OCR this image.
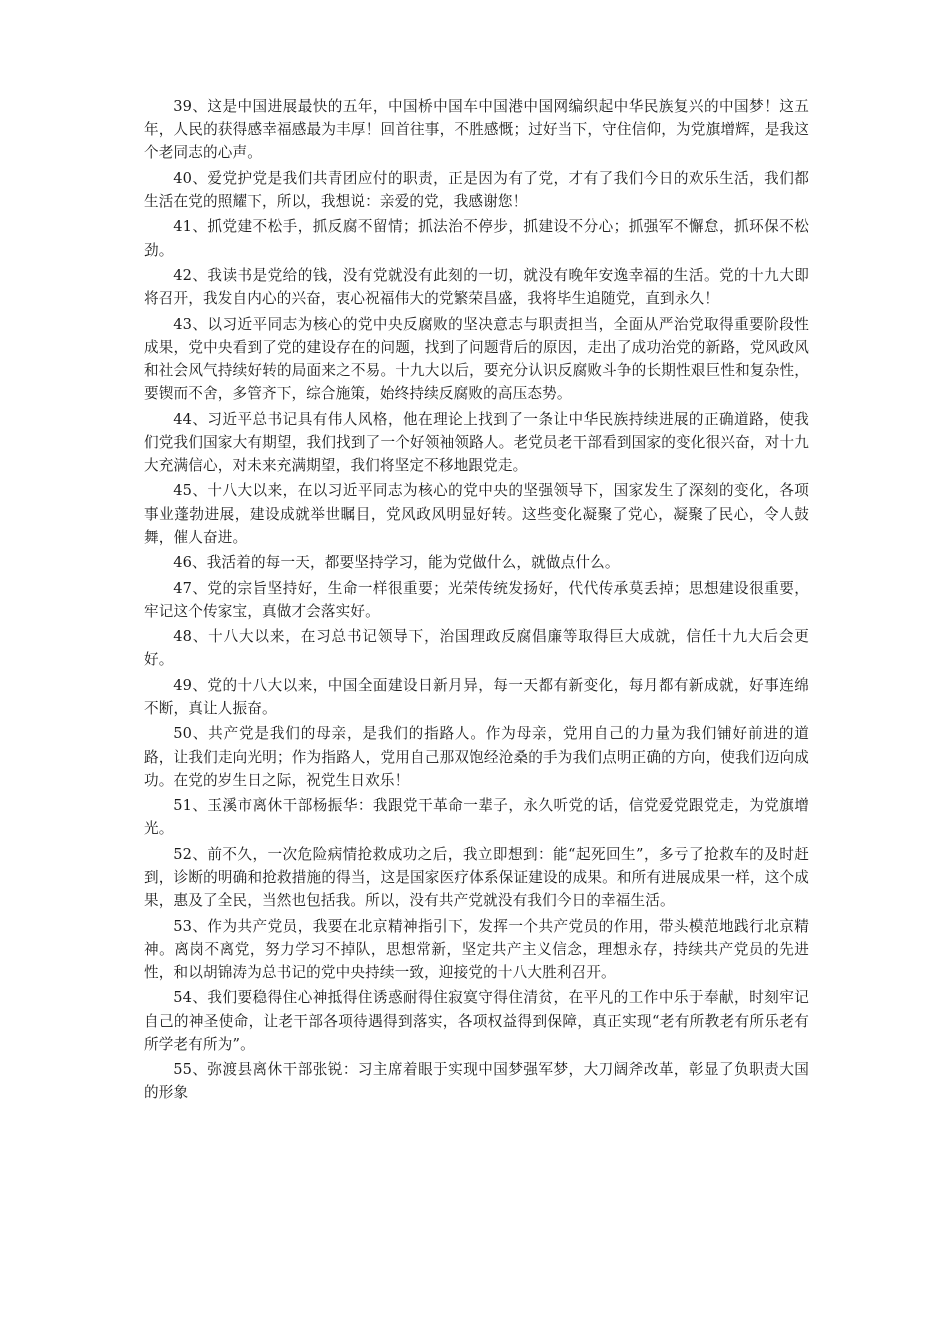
39、这是中国进展最快的五年，中国桥中国车中国港中国网编织起中华民族复兴的中国梦！这五年，人民的获得感幸福感最为丰厚！回首往事，不胜感慨；过好当下，守住信仰，为党旗增辉，是我这个老同志的心声。

40、爱党护党是我们共青团应付的职责，正是因为有了党，才有了我们今日的欢乐生活，我们都生活在党的照耀下，所以，我想说：亲爱的党，我感谢您！

41、抓党建不松手，抓反腐不留情；抓法治不停步，抓建设不分心；抓强军不懈怠，抓环保不松劲。

42、我读书是党给的钱，没有党就没有此刻的一切，就没有晚年安逸幸福的生活。党的十九大即将召开，我发自内心的兴奋，衷心祝福伟大的党繁荣昌盛，我将毕生追随党，直到永久！

43、以习近平同志为核心的党中央反腐败的坚决意志与职责担当，全面从严治党取得重要阶段性成果，党中央看到了党的建设存在的问题，找到了问题背后的原因，走出了成功治党的新路，党风政风和社会风气持续好转的局面来之不易。十九大以后，要充分认识反腐败斗争的长期性艰巨性和复杂性，要锲而不舍，多管齐下，综合施策，始终持续反腐败的高压态势。

44、习近平总书记具有伟人风格，他在理论上找到了一条让中华民族持续进展的正确道路，使我们党我们国家大有期望，我们找到了一个好领袖领路人。老党员老干部看到国家的变化很兴奋，对十九大充满信心，对未来充满期望，我们将坚定不移地跟党走。

45、十八大以来，在以习近平同志为核心的党中央的坚强领导下，国家发生了深刻的变化，各项事业蓬勃进展，建设成就举世瞩目，党风政风明显好转。这些变化凝聚了党心，凝聚了民心，令人鼓舞，催人奋进。

46、我活着的每一天，都要坚持学习，能为党做什么，就做点什么。

47、党的宗旨坚持好，生命一样很重要；光荣传统发扬好，代代传承莫丢掉；思想建设很重要，牢记这个传家宝，真做才会落实好。

48、十八大以来，在习总书记领导下，治国理政反腐倡廉等取得巨大成就，信任十九大后会更好。

49、党的十八大以来，中国全面建设日新月异，每一天都有新变化，每月都有新成就，好事连绵不断，真让人振奋。

50、共产党是我们的母亲，是我们的指路人。作为母亲，党用自己的力量为我们铺好前进的道路，让我们走向光明；作为指路人，党用自己那双饱经沧桑的手为我们点明正确的方向，使我们迈向成功。在党的岁生日之际，祝党生日欢乐！

51、玉溪市离休干部杨振华：我跟党干革命一辈子，永久听党的话，信党爱党跟党走，为党旗增光。

52、前不久，一次危险病情抢救成功之后，我立即想到：能“起死回生”，多亏了抢救车的及时赶到，诊断的明确和抢救措施的得当，这是国家医疗体系保证建设的成果。和所有进展成果一样，这个成果，惠及了全民，当然也包括我。所以，没有共产党就没有我们今日的幸福生活。

53、作为共产党员，我要在北京精神指引下，发挥一个共产党员的作用，带头模范地践行北京精神。离岗不离党，努力学习不掉队，思想常新，坚定共产主义信念，理想永存，持续共产党员的先进性，和以胡锦涛为总书记的党中央持续一致，迎接党的十八大胜利召开。

54、我们要稳得住心神抵得住诱惑耐得住寂寞守得住清贫，在平凡的工作中乐于奉献，时刻牢记自己的神圣使命，让老干部各项待遇得到落实，各项权益得到保障，真正实现“老有所教老有所乐老有所学老有所为”。

55、弥渡县离休干部张锐：习主席着眼于实现中国梦强军梦，大刀阔斧改革，彰显了负职责大国的形象
